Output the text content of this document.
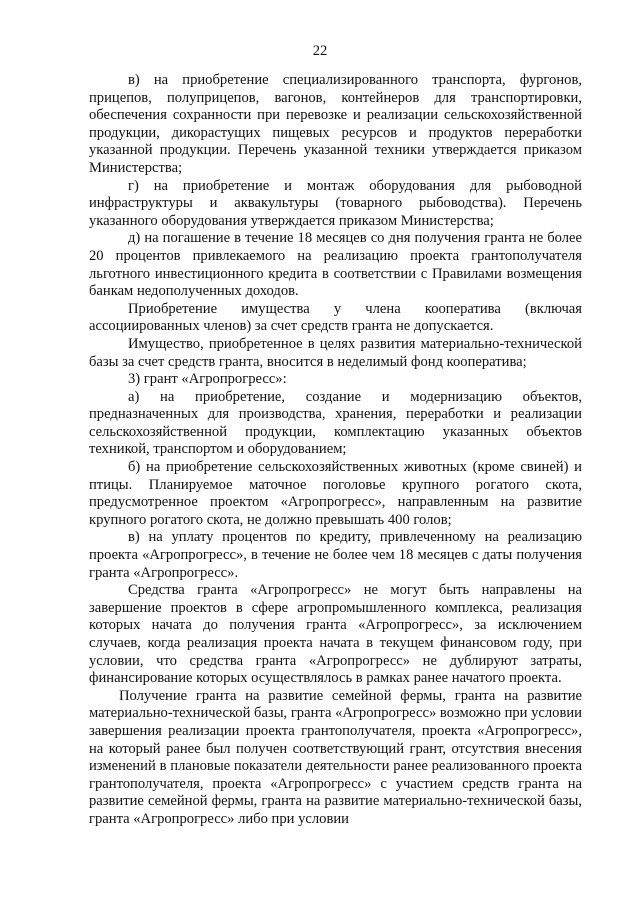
22

в) на приобретение специализированного транспорта, фургонов, прицепов, полуприцепов, вагонов, контейнеров для транспортировки, обеспечения сохранности при перевозке и реализации сельскохозяйственной продукции, дикорастущих пищевых ресурсов и продуктов переработки указанной продукции. Перечень указанной техники утверждается приказом Министерства;

г) на приобретение и монтаж оборудования для рыбоводной инфраструктуры и аквакультуры (товарного рыбоводства). Перечень указанного оборудования утверждается приказом Министерства;

д) на погашение в течение 18 месяцев со дня получения гранта не более 20 процентов привлекаемого на реализацию проекта грантополучателя льготного инвестиционного кредита в соответствии с Правилами возмещения банкам недополученных доходов.

Приобретение имущества у члена кооператива (включая ассоциированных членов) за счет средств гранта не допускается.

Имущество, приобретенное в целях развития материально-технической базы за счет средств гранта, вносится в неделимый фонд кооператива;

3) грант «Агропрогресс»:

а) на приобретение, создание и модернизацию объектов, предназначенных для производства, хранения, переработки и реализации сельскохозяйственной продукции, комплектацию указанных объектов техникой, транспортом и оборудованием;

б) на приобретение сельскохозяйственных животных (кроме свиней) и птицы. Планируемое маточное поголовье крупного рогатого скота, предусмотренное проектом «Агропрогресс», направленным на развитие крупного рогатого скота, не должно превышать 400 голов;

в) на уплату процентов по кредиту, привлеченному на реализацию проекта «Агропрогресс», в течение не более чем 18 месяцев с даты получения гранта «Агропрогресс».

Средства гранта «Агропрогресс» не могут быть направлены на завершение проектов в сфере агропромышленного комплекса, реализация которых начата до получения гранта «Агропрогресс», за исключением случаев, когда реализация проекта начата в текущем финансовом году, при условии, что средства гранта «Агропрогресс» не дублируют затраты, финансирование которых осуществлялось в рамках ранее начатого проекта.

Получение гранта на развитие семейной фермы, гранта на развитие материально-технической базы, гранта «Агропрогресс» возможно при условии завершения реализации проекта грантополучателя, проекта «Агропрогресс», на который ранее был получен соответствующий грант, отсутствия внесения изменений в плановые показатели деятельности ранее реализованного проекта грантополучателя, проекта «Агропрогресс» с участием средств гранта на развитие семейной фермы, гранта на развитие материально-технической базы, гранта «Агропрогресс» либо при условии
